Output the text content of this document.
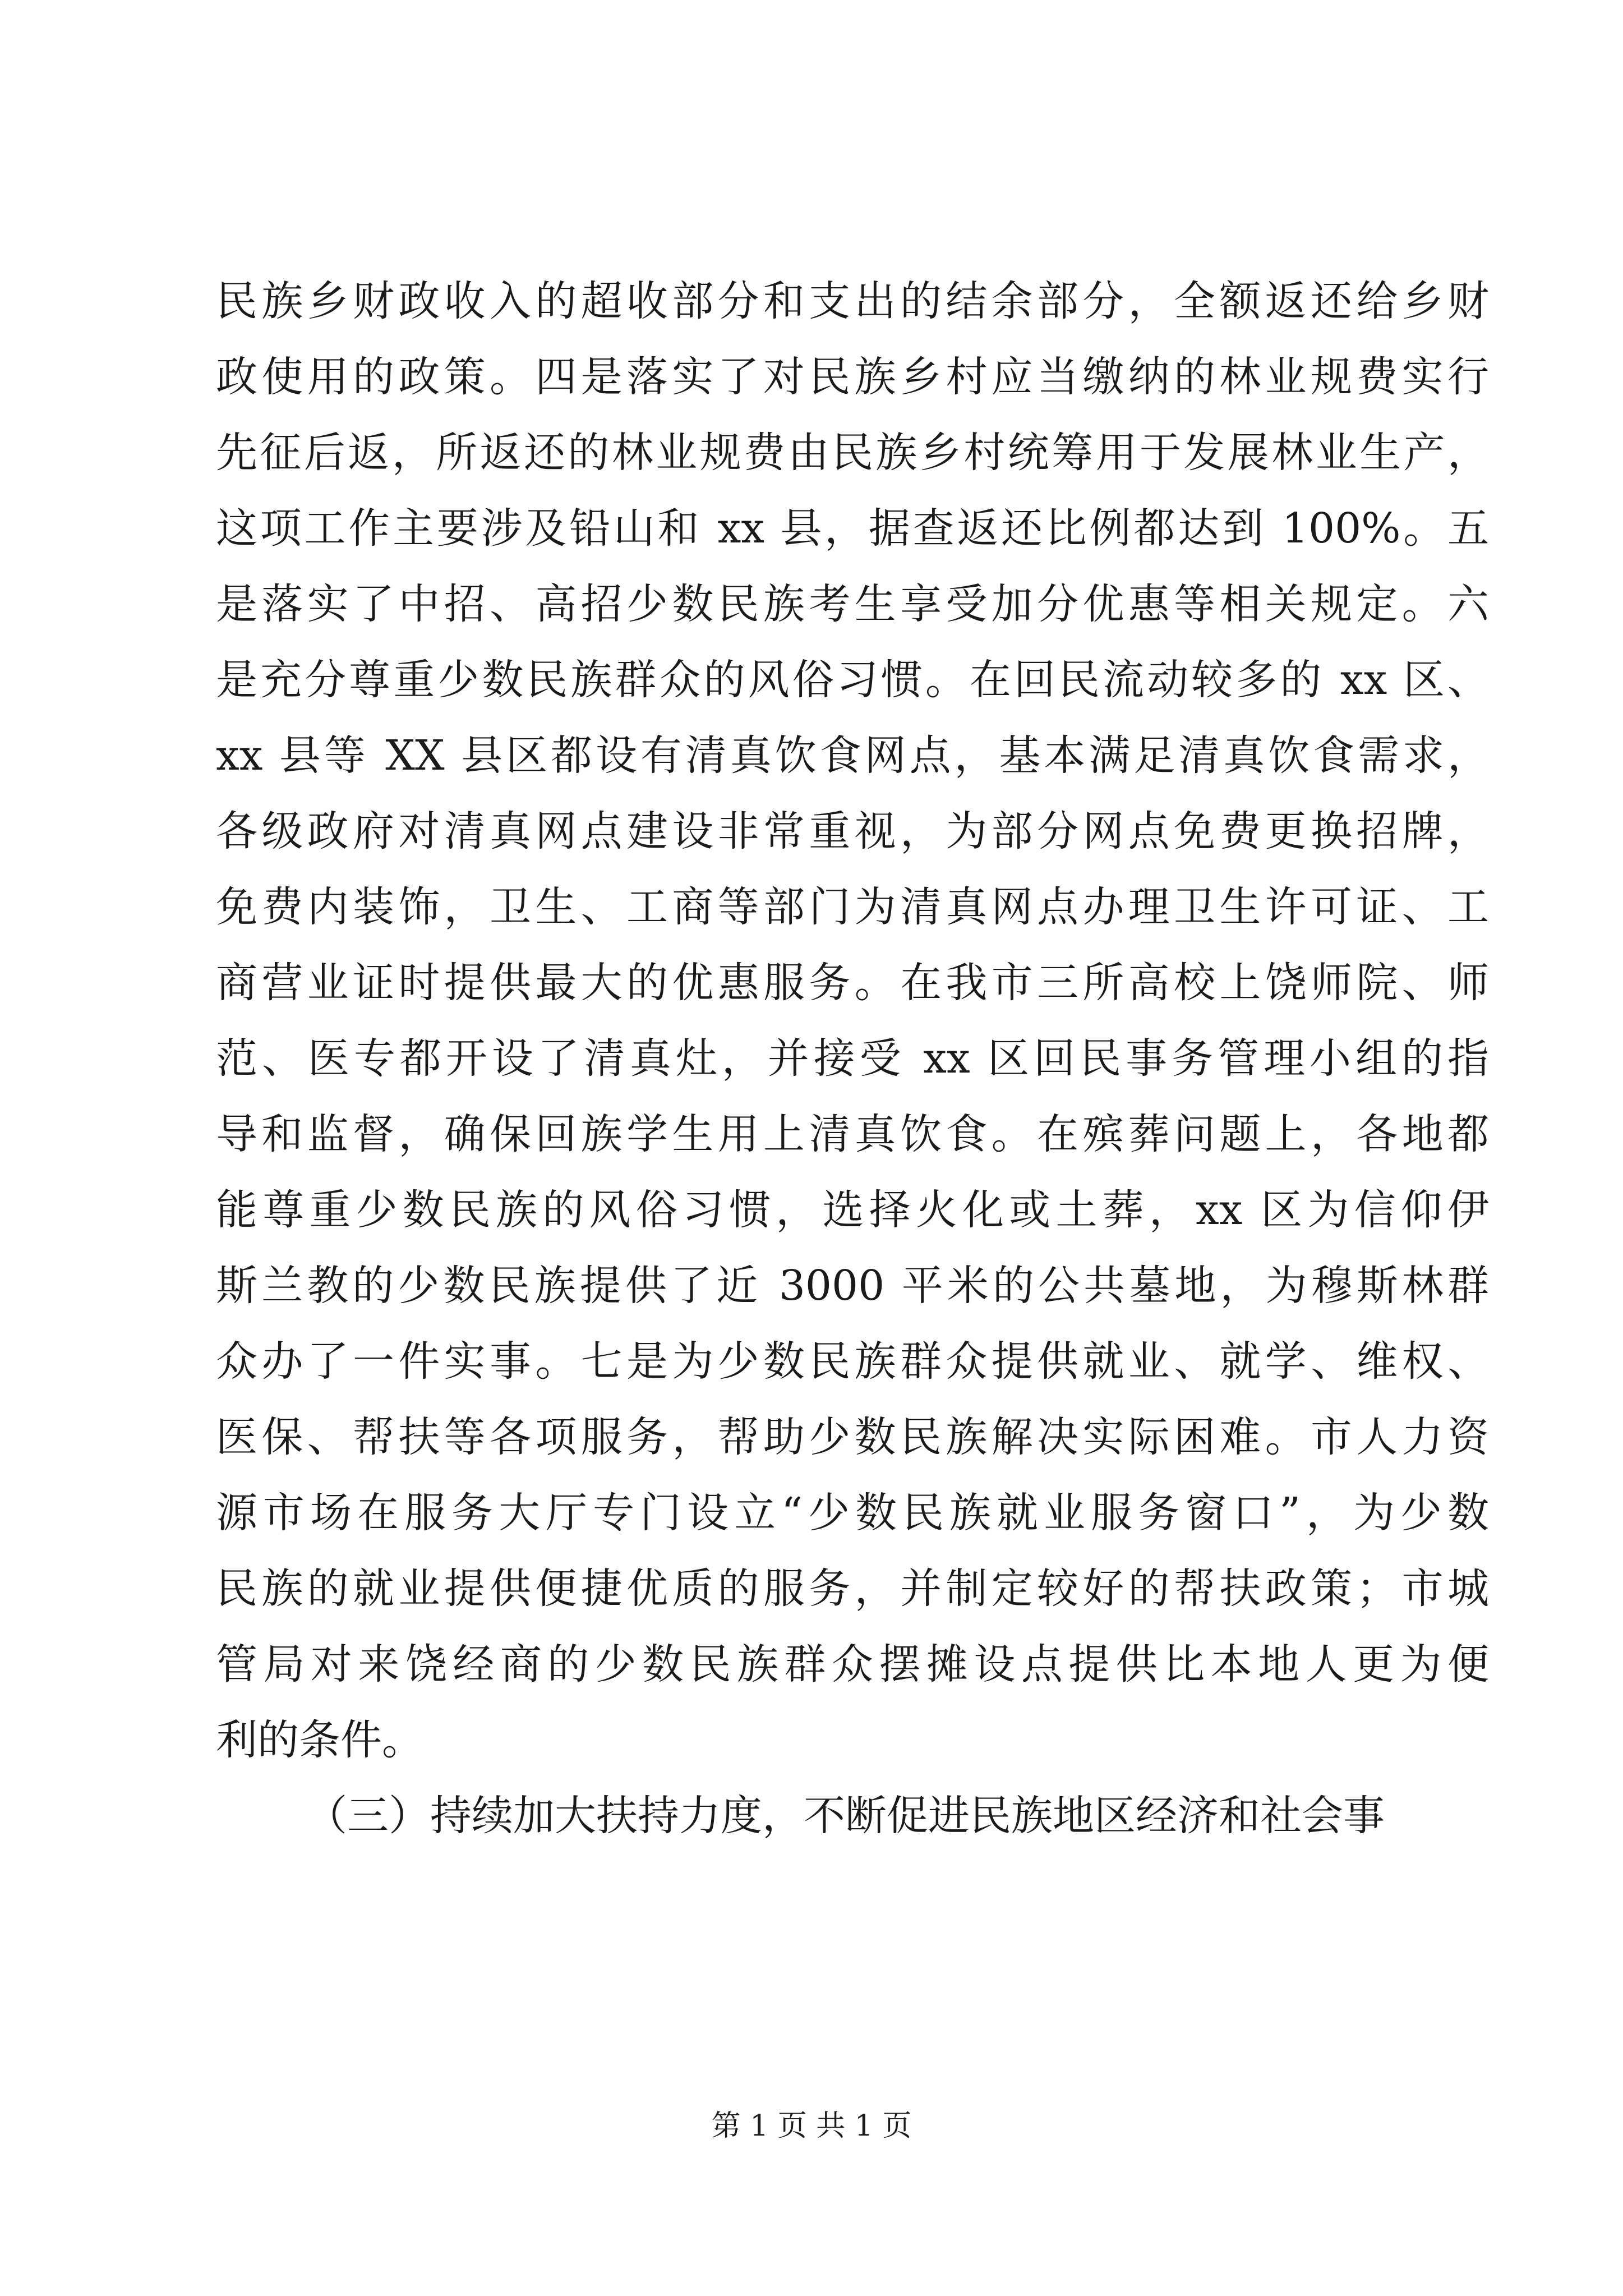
民族乡财政收入的超收部分和支出的结余部分，全额返还给乡财
政使用的政策。四是落实了对民族乡村应当缴纳的林业规费实行
先征后返，所返还的林业规费由民族乡村统筹用于发展林业生产，
这项工作主要涉及铅山和 xx 县，据查返还比例都达到 100%。五
是落实了中招、高招少数民族考生享受加分优惠等相关规定。六
是充分尊重少数民族群众的风俗习惯。在回民流动较多的 xx 区、
xx 县等 XX 县区都设有清真饮食网点，基本满足清真饮食需求，
各级政府对清真网点建设非常重视，为部分网点免费更换招牌，
免费内装饰，卫生、工商等部门为清真网点办理卫生许可证、工
商营业证时提供最大的优惠服务。在我市三所高校上饶师院、师
范、医专都开设了清真灶，并接受 xx 区回民事务管理小组的指
导和监督，确保回族学生用上清真饮食。在殡葬问题上，各地都
能尊重少数民族的风俗习惯，选择火化或土葬，xx 区为信仰伊
斯兰教的少数民族提供了近 3000 平米的公共墓地，为穆斯林群
众办了一件实事。七是为少数民族群众提供就业、就学、维权、
医保、帮扶等各项服务，帮助少数民族解决实际困难。市人力资
源市场在服务大厅专门设立“少数民族就业服务窗口”，为少数
民族的就业提供便捷优质的服务，并制定较好的帮扶政策；市城
管局对来饶经商的少数民族群众摆摊设点提供比本地人更为便
利的条件。
（三）持续加大扶持力度，不断促进民族地区经济和社会事
第 1 页 共 1 页
